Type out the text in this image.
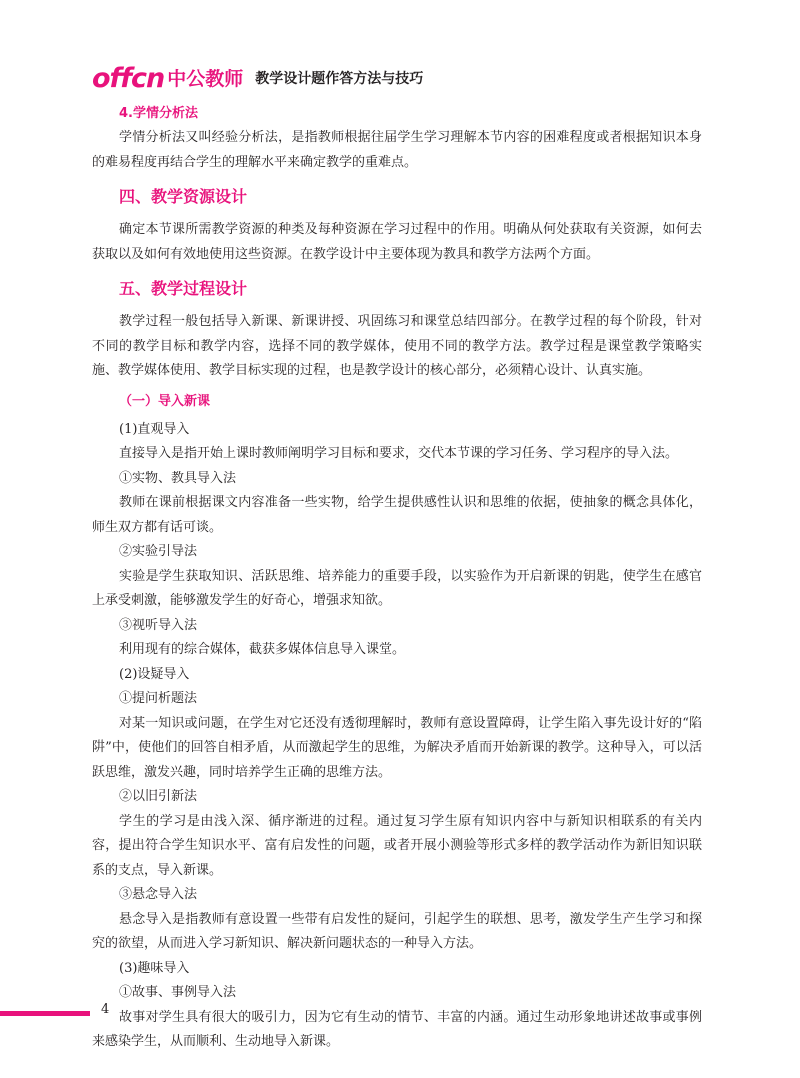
offcn 中公教师 教学设计题作答方法与技巧
4.学情分析法

学情分析法又叫经验分析法，是指教师根据往届学生学习理解本节内容的困难程度或者根据知识本身的难易程度再结合学生的理解水平来确定教学的重难点。

四、教学资源设计

确定本节课所需教学资源的种类及每种资源在学习过程中的作用。明确从何处获取有关资源，如何去获取以及如何有效地使用这些资源。在教学设计中主要体现为教具和教学方法两个方面。

五、教学过程设计

教学过程一般包括导入新课、新课讲授、巩固练习和课堂总结四部分。在教学过程的每个阶段，针对不同的教学目标和教学内容，选择不同的教学媒体，使用不同的教学方法。教学过程是课堂教学策略实施、教学媒体使用、教学目标实现的过程，也是教学设计的核心部分，必须精心设计、认真实施。

（一）导入新课

(1)直观导入

直接导入是指开始上课时教师阐明学习目标和要求，交代本节课的学习任务、学习程序的导入法。

①实物、教具导入法

教师在课前根据课文内容准备一些实物，给学生提供感性认识和思维的依据，使抽象的概念具体化，师生双方都有话可谈。

②实验引导法

实验是学生获取知识、活跃思维、培养能力的重要手段，以实验作为开启新课的钥匙，使学生在感官上承受刺激，能够激发学生的好奇心，增强求知欲。

③视听导入法

利用现有的综合媒体，截获多媒体信息导入课堂。

(2)设疑导入

①提问析题法

对某一知识或问题，在学生对它还没有透彻理解时，教师有意设置障碍，让学生陷入事先设计好的“陷阱”中，使他们的回答自相矛盾，从而激起学生的思维，为解决矛盾而开始新课的教学。这种导入，可以活跃思维，激发兴趣，同时培养学生正确的思维方法。

②以旧引新法

学生的学习是由浅入深、循序渐进的过程。通过复习学生原有知识内容中与新知识相联系的有关内容，提出符合学生知识水平、富有启发性的问题，或者开展小测验等形式多样的教学活动作为新旧知识联系的支点，导入新课。

③悬念导入法

悬念导入是指教师有意设置一些带有启发性的疑问，引起学生的联想、思考，激发学生产生学习和探究的欲望，从而进入学习新知识、解决新问题状态的一种导入方法。

(3)趣味导入

①故事、事例导入法

故事对学生具有很大的吸引力，因为它有生动的情节、丰富的内涵。通过生动形象地讲述故事或事例来感染学生，从而顺利、生动地导入新课。

4
